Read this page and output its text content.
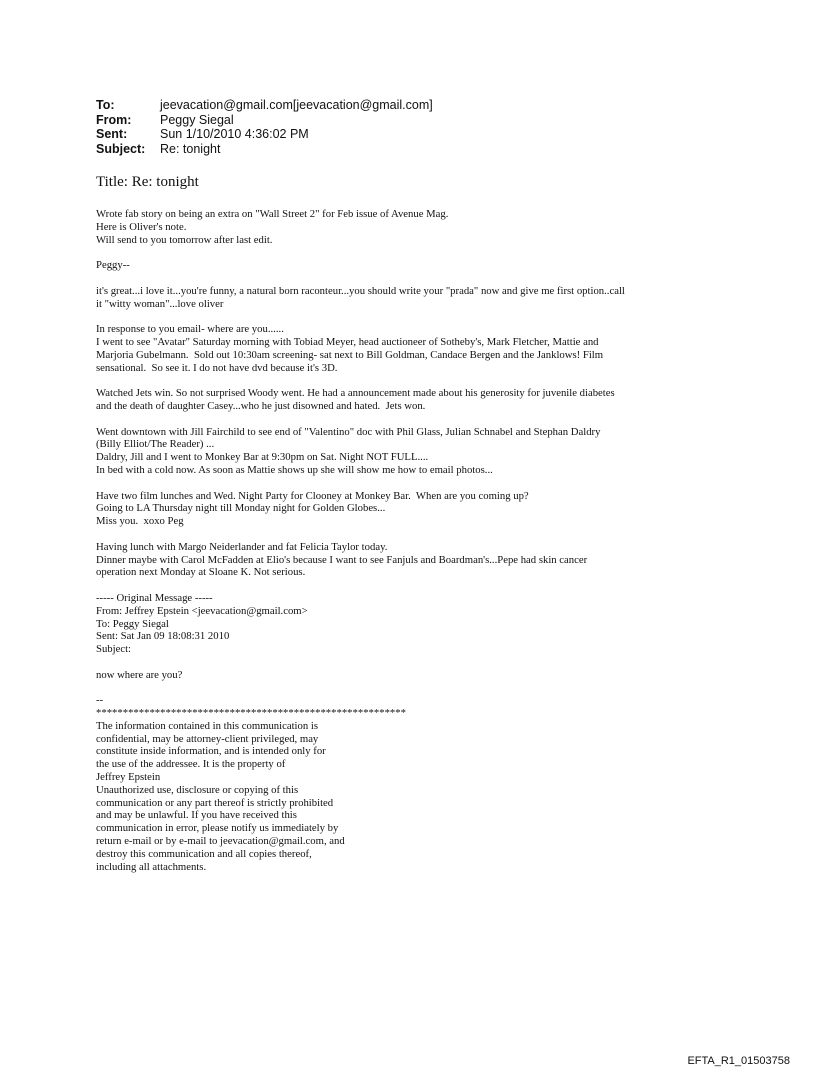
To:	jeevacation@gmail.com[jeevacation@gmail.com]
From:	Peggy Siegal
Sent:	Sun 1/10/2010 4:36:02 PM
Subject:	Re: tonight
Title: Re: tonight
Wrote fab story on being an extra on "Wall Street 2" for Feb issue of Avenue Mag.
Here is Oliver's note.
Will send to you tomorrow after last edit.
Peggy--
it's great...i love it...you're funny, a natural born raconteur...you should write your "prada" now and give me first option..call
it "witty woman"...love oliver
In response to you email- where are you......
I went to see "Avatar" Saturday morning with Tobiad Meyer, head auctioneer of Sotheby's, Mark Fletcher, Mattie and
Marjoria Gubelmann.  Sold out 10:30am screening- sat next to Bill Goldman, Candace Bergen and the Janklows! Film
sensational.  So see it. I do not have dvd because it's 3D.
Watched Jets win. So not surprised Woody went. He had a announcement made about his generosity for juvenile diabetes
and the death of daughter Casey...who he just disowned and hated.  Jets won.
Went downtown with Jill Fairchild to see end of "Valentino" doc with Phil Glass, Julian Schnabel and Stephan Daldry
(Billy Elliot/The Reader) ...
Daldry, Jill and I went to Monkey Bar at 9:30pm on Sat. Night NOT FULL....
In bed with a cold now. As soon as Mattie shows up she will show me how to email photos...
Have two film lunches and Wed. Night Party for Clooney at Monkey Bar.  When are you coming up?
Going to LA Thursday night till Monday night for Golden Globes...
Miss you.  xoxo Peg
Having lunch with Margo Neiderlander and fat Felicia Taylor today.
Dinner maybe with Carol McFadden at Elio's because I want to see Fanjuls and Boardman's...Pepe had skin cancer
operation next Monday at Sloane K. Not serious.
----- Original Message -----
From: Jeffrey Epstein <jeevacation@gmail.com>
To: Peggy Siegal
Sent: Sat Jan 09 18:08:31 2010
Subject:
now where are you?
--
**********************************************************
The information contained in this communication is
confidential, may be attorney-client privileged, may
constitute inside information, and is intended only for
the use of the addressee. It is the property of
Jeffrey Epstein
Unauthorized use, disclosure or copying of this
communication or any part thereof is strictly prohibited
and may be unlawful. If you have received this
communication in error, please notify us immediately by
return e-mail or by e-mail to jeevacation@gmail.com, and
destroy this communication and all copies thereof,
including all attachments.
EFTA_R1_01503758
